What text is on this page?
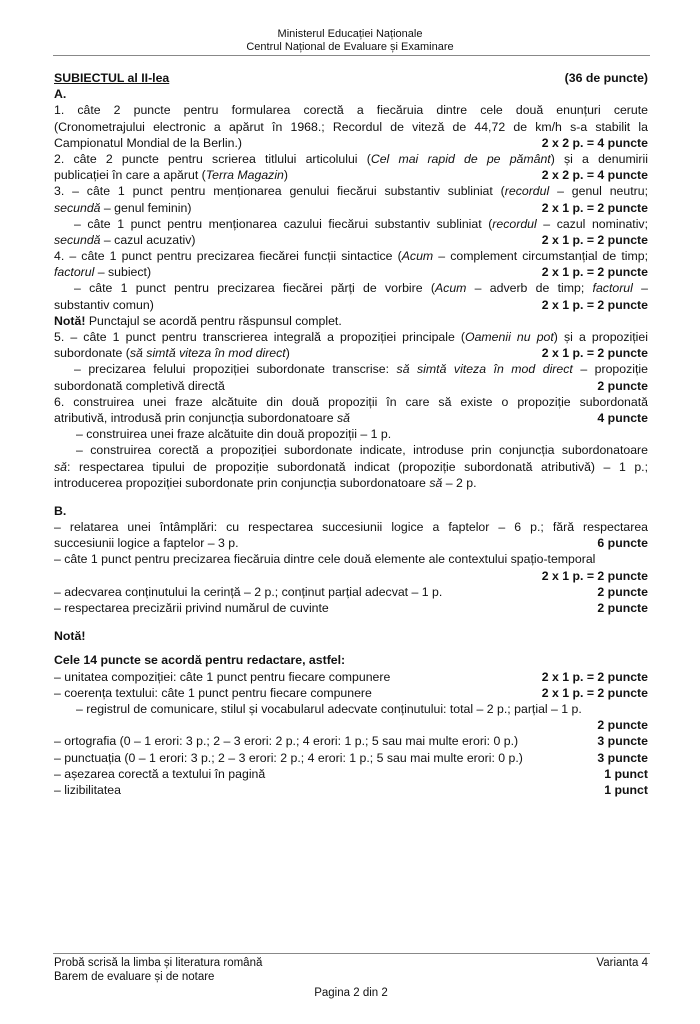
Ministerul Educației Naționale
Centrul Național de Evaluare și Examinare
SUBIECTUL al II-lea	(36 de puncte)
A.
1. câte 2 puncte pentru formularea corectă a fiecăruia dintre cele două enunțuri cerute
(Cronometrajului electronic a apărut în 1968.; Recordul de viteză de 44,72 de km/h s-a stabilit la
Campionatul Mondial de la Berlin.)	2 x 2 p. = 4 puncte
2. câte 2 puncte pentru scrierea titlului articolului (Cel mai rapid de pe pământ) și a denumirii
publicației în care a apărut (Terra Magazin)	2 x 2 p. = 4 puncte
3. – câte 1 punct pentru menționarea genului fiecărui substantiv subliniat (recordul – genul neutru;
secundă – genul feminin)	2 x 1 p. = 2 puncte
– câte 1 punct pentru menționarea cazului fiecărui substantiv subliniat (recordul – cazul nominativ;
secundă – cazul acuzativ)	2 x 1 p. = 2 puncte
4. – câte 1 punct pentru precizarea fiecărei funcții sintactice (Acum – complement circumstanțial de timp;
factorul – subiect)	2 x 1 p. = 2 puncte
– câte 1 punct pentru precizarea fiecărei părți de vorbire (Acum – adverb de timp; factorul –
substantiv comun)	2 x 1 p. = 2 puncte
Notă! Punctajul se acordă pentru răspunsul complet.
5. – câte 1 punct pentru transcrierea integrală a propoziției principale (Oamenii nu pot) și a propoziției
subordonate (să simtă viteza în mod direct)	2 x 1 p. = 2 puncte
– precizarea felului propoziției subordonate transcrise: să simtă viteza în mod direct – propoziție
subordonată completivă directă	2 puncte
6. construirea unei fraze alcătuite din două propoziții în care să existe o propoziție subordonată
atributivă, introdusă prin conjuncția subordonatoare să	4 puncte
– construirea unei fraze alcătuite din două propoziții – 1 p.
– construirea corectă a propoziției subordonate indicate, introduse prin conjuncția subordonatoare
să: respectarea tipului de propoziție subordonată indicat (propoziție subordonată atributivă) – 1 p.;
introducerea propoziției subordonate prin conjuncția subordonatoare să – 2 p.
B.
– relatarea unei întâmplări: cu respectarea succesiunii logice a faptelor – 6 p.; fără respectarea
succesiunii logice a faptelor – 3 p.	6 puncte
– câte 1 punct pentru precizarea fiecăruia dintre cele două elemente ale contextului spațio-temporal
2 x 1 p. = 2 puncte
– adecvarea conținutului la cerință – 2 p.; conținut parțial adecvat – 1 p.	2 puncte
– respectarea precizării privind numărul de cuvinte	2 puncte
Notă!
Cele 14 puncte se acordă pentru redactare, astfel:
– unitatea compoziției: câte 1 punct pentru fiecare compunere	2 x 1 p. = 2 puncte
– coerența textului: câte 1 punct pentru fiecare compunere	2 x 1 p. = 2 puncte
– registrul de comunicare, stilul și vocabularul adecvate conținutului: total – 2 p.; parțial – 1 p.
2 puncte
– ortografia (0 – 1 erori: 3 p.; 2 – 3 erori: 2 p.; 4 erori: 1 p.; 5 sau mai multe erori: 0 p.)	3 puncte
– punctuația (0 – 1 erori: 3 p.; 2 – 3 erori: 2 p.; 4 erori: 1 p.; 5 sau mai multe erori: 0 p.)	3 puncte
– așezarea corectă a textului în pagină	1 punct
– lizibilitatea	1 punct
Probă scrisă la limba și literatura română	Varianta 4
Barem de evaluare și de notare
Pagina 2 din 2
